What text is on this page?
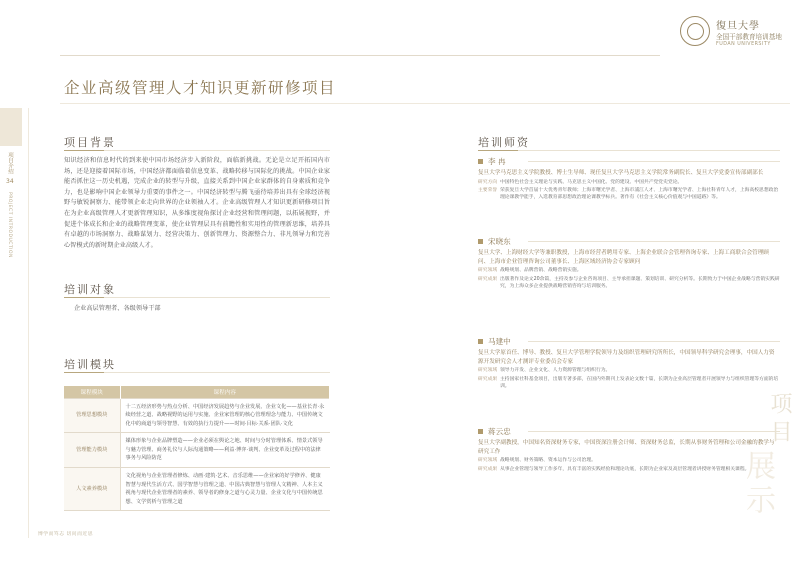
復旦大學
全国干部教育培训基地
FUDAN UNIVERSITY
企业高级管理人才知识更新研修项目
项目介绍
34
PROJECT INTRODUCTION
项目背景
知识经济和信息时代的到来使中国市场经济步入新阶段，面临新挑战。无论是立足开拓国内市场，还是迎接着国际市场，中国经济都面临着信息变革、战略转移与国际化的挑战。中国企业家能否抓住这一历史机遇，完成企业的转型与升级，直接关系到中国企业家群体的自身素质和竞争力，也是影响中国企业领导力重要的事件之一。中国经济转型与腾飞亟待培养出具有全球经济视野与敏锐洞察力、能带领企业走向世界的企业领袖人才。企业高级管理人才知识更新研修项目旨在为企业高级管理人才更新管理知识，从多维度视角探讨企业经营和管理问题，以拓展视野，并促进个体成长和企业的战略管理变革，使企业管理层具有前瞻性和实用性的管理新思维，培养具有卓越的市场洞察力、战略谋划力、经营决策力、创新管理力、资源整合力、非凡领导力和完善心智模式的新时期企业高级人才。
培训对象
企业高层管理者、各级领导干部
培训模块
课程模块	课程内容
管理思想模块	十二五经济形势与热点分析、中国经济发展趋势与企业发展、企业文化——基业长青·永续经营之道、战略视野的运用与实施、企业家管理的核心管理理念与能力、中国传统文化中的商道与领导智慧、有效的执行力提升——时间·目标·关系·团队·文化
管理能力模块	媒体形象与企业品牌塑造——企业必须在舆论之地、时间与分时管理体系、情景式领导与魅力管理、商务礼仪与人际沟通策略——利益·博弈·谈判、企业变革及过程中的法律事务与风险防范
人文素养模块	文化视角与企业管理者修炼、动画·建筑·艺术、音乐思维——企业家的好学修养、健康智慧与现代生活方式、国学智慧与管理之道、中国古典智慧与管理人文精神、人本主义视角与现代企业管理者的素养、领导者的修身之道与心灵力量、企业文化与中国传统思想、文学赏析与管理之道
培训师资
李 冉
复旦大学马克思主义学院教授、博士生导师、现任复旦大学马克思主义学院常务副院长、复旦大学党委宣传部副部长
研究方向 中国特色社会主义理论与实践、马克思主义中国化、党的建设、中国共产党党史党论。
主要荣誉 荣获复旦大学首届十大优秀青年教师；上海市曙光学者、上海市浦江人才、上海市曙光学者、上海社科青年人才，上海高校思想政治理论课教学能手，入选教育部思想政治理论课教学标兵。著作有《社会主义核心价值观与中国道路》等。
宋晓东
复旦大学、上海财经大学等兼职教授，上海市经营者聘用专家、上海企业联合会管理咨询专家、上海工商联合会管理顾问、上海市企业管理咨询公司董事长、上海区域经济协会专家顾问
研究领域 战略规划、品牌营销、战略营销实施。
研究成果 出版著作及论文20余篇，主持及参与企业咨询项目、主导承担课题、策划培训、研究分析等。长期致力于中国企业战略与营销实践研究，为上海众多企业提供战略营销咨询与培训服务。
马建中
复旦大学原首任、博导、教授、复旦大学管理学院领导力及组织管理研究所所长，中国领导科学研究会理事，中国人力资源开发研究会人才测评专业委员会专家
研究领域 领导力开发、企业文化、人力资源管理与组织行为。
研究成果 主持国家社科基金项目，出版专著多部，在国内外期刊上发表论文数十篇，长期为企业高层管理者开展领导力与组织管理等方面的培训。
蒋云忠
复旦大学副教授，中国知名资深财务专家，中国资深注册会计师、资深财务总监，长期从事财务管理和公司金融的教学与研究工作
研究领域 战略规划、财务策略、资本运作与公司治理。
研究成果 从事企业管理与领导工作多年，具有丰富的实践经验和理论功底，长期为企业家及高层管理者讲授财务管理相关课程。
项目
展示
博学而笃志 切问而近思
